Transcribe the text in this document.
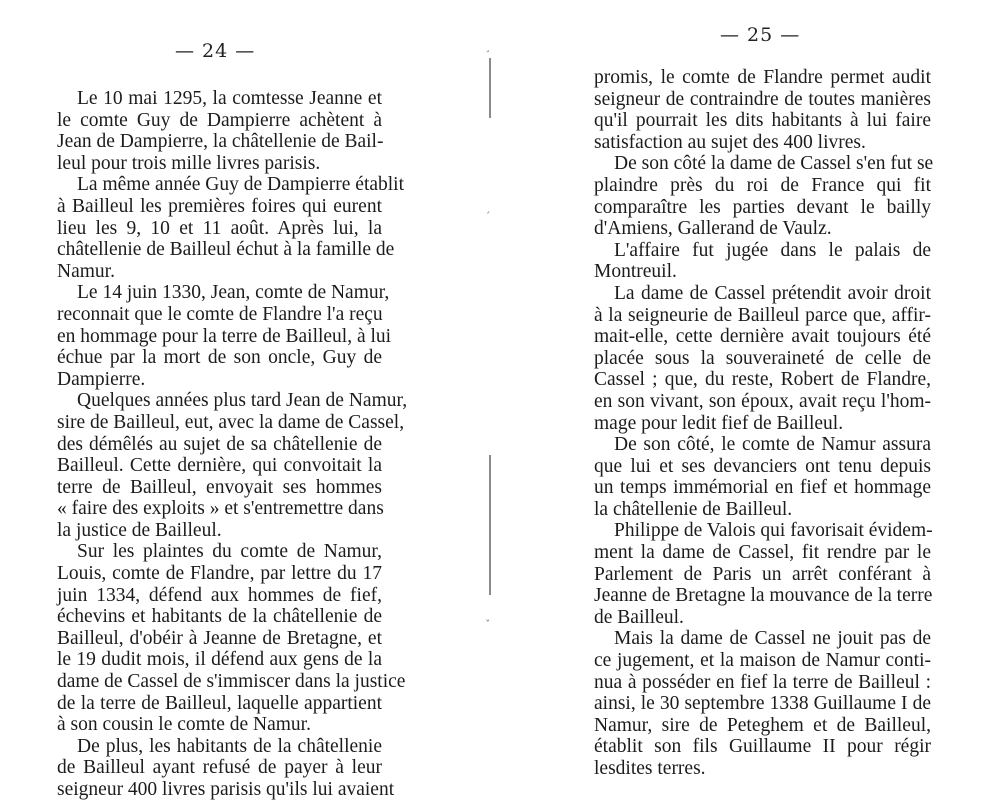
— 24 —
Le 10 mai 1295, la comtesse Jeanne et
le comte Guy de Dampierre achètent à
Jean de Dampierre, la châtellenie de Bail-
leul pour trois mille livres parisis.
La même année Guy de Dampierre établit
à Bailleul les premières foires qui eurent
lieu les 9, 10 et 11 août. Après lui, la
châtellenie de Bailleul échut à la famille de
Namur.
Le 14 juin 1330, Jean, comte de Namur,
reconnait que le comte de Flandre l'a reçu
en hommage pour la terre de Bailleul, à lui
échue par la mort de son oncle, Guy de
Dampierre.
Quelques années plus tard Jean de Namur,
sire de Bailleul, eut, avec la dame de Cassel,
des démêlés au sujet de sa châtellenie de
Bailleul. Cette dernière, qui convoitait la
terre de Bailleul, envoyait ses hommes
« faire des exploits » et s'entremettre dans
la justice de Bailleul.
Sur les plaintes du comte de Namur,
Louis, comte de Flandre, par lettre du 17
juin 1334, défend aux hommes de fief,
échevins et habitants de la châtellenie de
Bailleul, d'obéir à Jeanne de Bretagne, et
le 19 dudit mois, il défend aux gens de la
dame de Cassel de s'immiscer dans la justice
de la terre de Bailleul, laquelle appartient
à son cousin le comte de Namur.
De plus, les habitants de la châtellenie
de Bailleul ayant refusé de payer à leur
seigneur 400 livres parisis qu'ils lui avaient
¸
ˊ
ˇ
— 25 —
promis, le comte de Flandre permet audit
seigneur de contraindre de toutes manières
qu'il pourrait les dits habitants à lui faire
satisfaction au sujet des 400 livres.
De son côté la dame de Cassel s'en fut se
plaindre près du roi de France qui fit
comparaître les parties devant le bailly
d'Amiens, Gallerand de Vaulz.
L'affaire fut jugée dans le palais de
Montreuil.
La dame de Cassel prétendit avoir droit
à la seigneurie de Bailleul parce que, affir-
mait-elle, cette dernière avait toujours été
placée sous la souveraineté de celle de
Cassel ; que, du reste, Robert de Flandre,
en son vivant, son époux, avait reçu l'hom-
mage pour ledit fief de Bailleul.
De son côté, le comte de Namur assura
que lui et ses devanciers ont tenu depuis
un temps immémorial en fief et hommage
la châtellenie de Bailleul.
Philippe de Valois qui favorisait évidem-
ment la dame de Cassel, fit rendre par le
Parlement de Paris un arrêt conférant à
Jeanne de Bretagne la mouvance de la terre
de Bailleul.
Mais la dame de Cassel ne jouit pas de
ce jugement, et la maison de Namur conti-
nua à posséder en fief la terre de Bailleul :
ainsi, le 30 septembre 1338 Guillaume I de
Namur, sire de Peteghem et de Bailleul,
établit son fils Guillaume II pour régir
lesdites terres.
